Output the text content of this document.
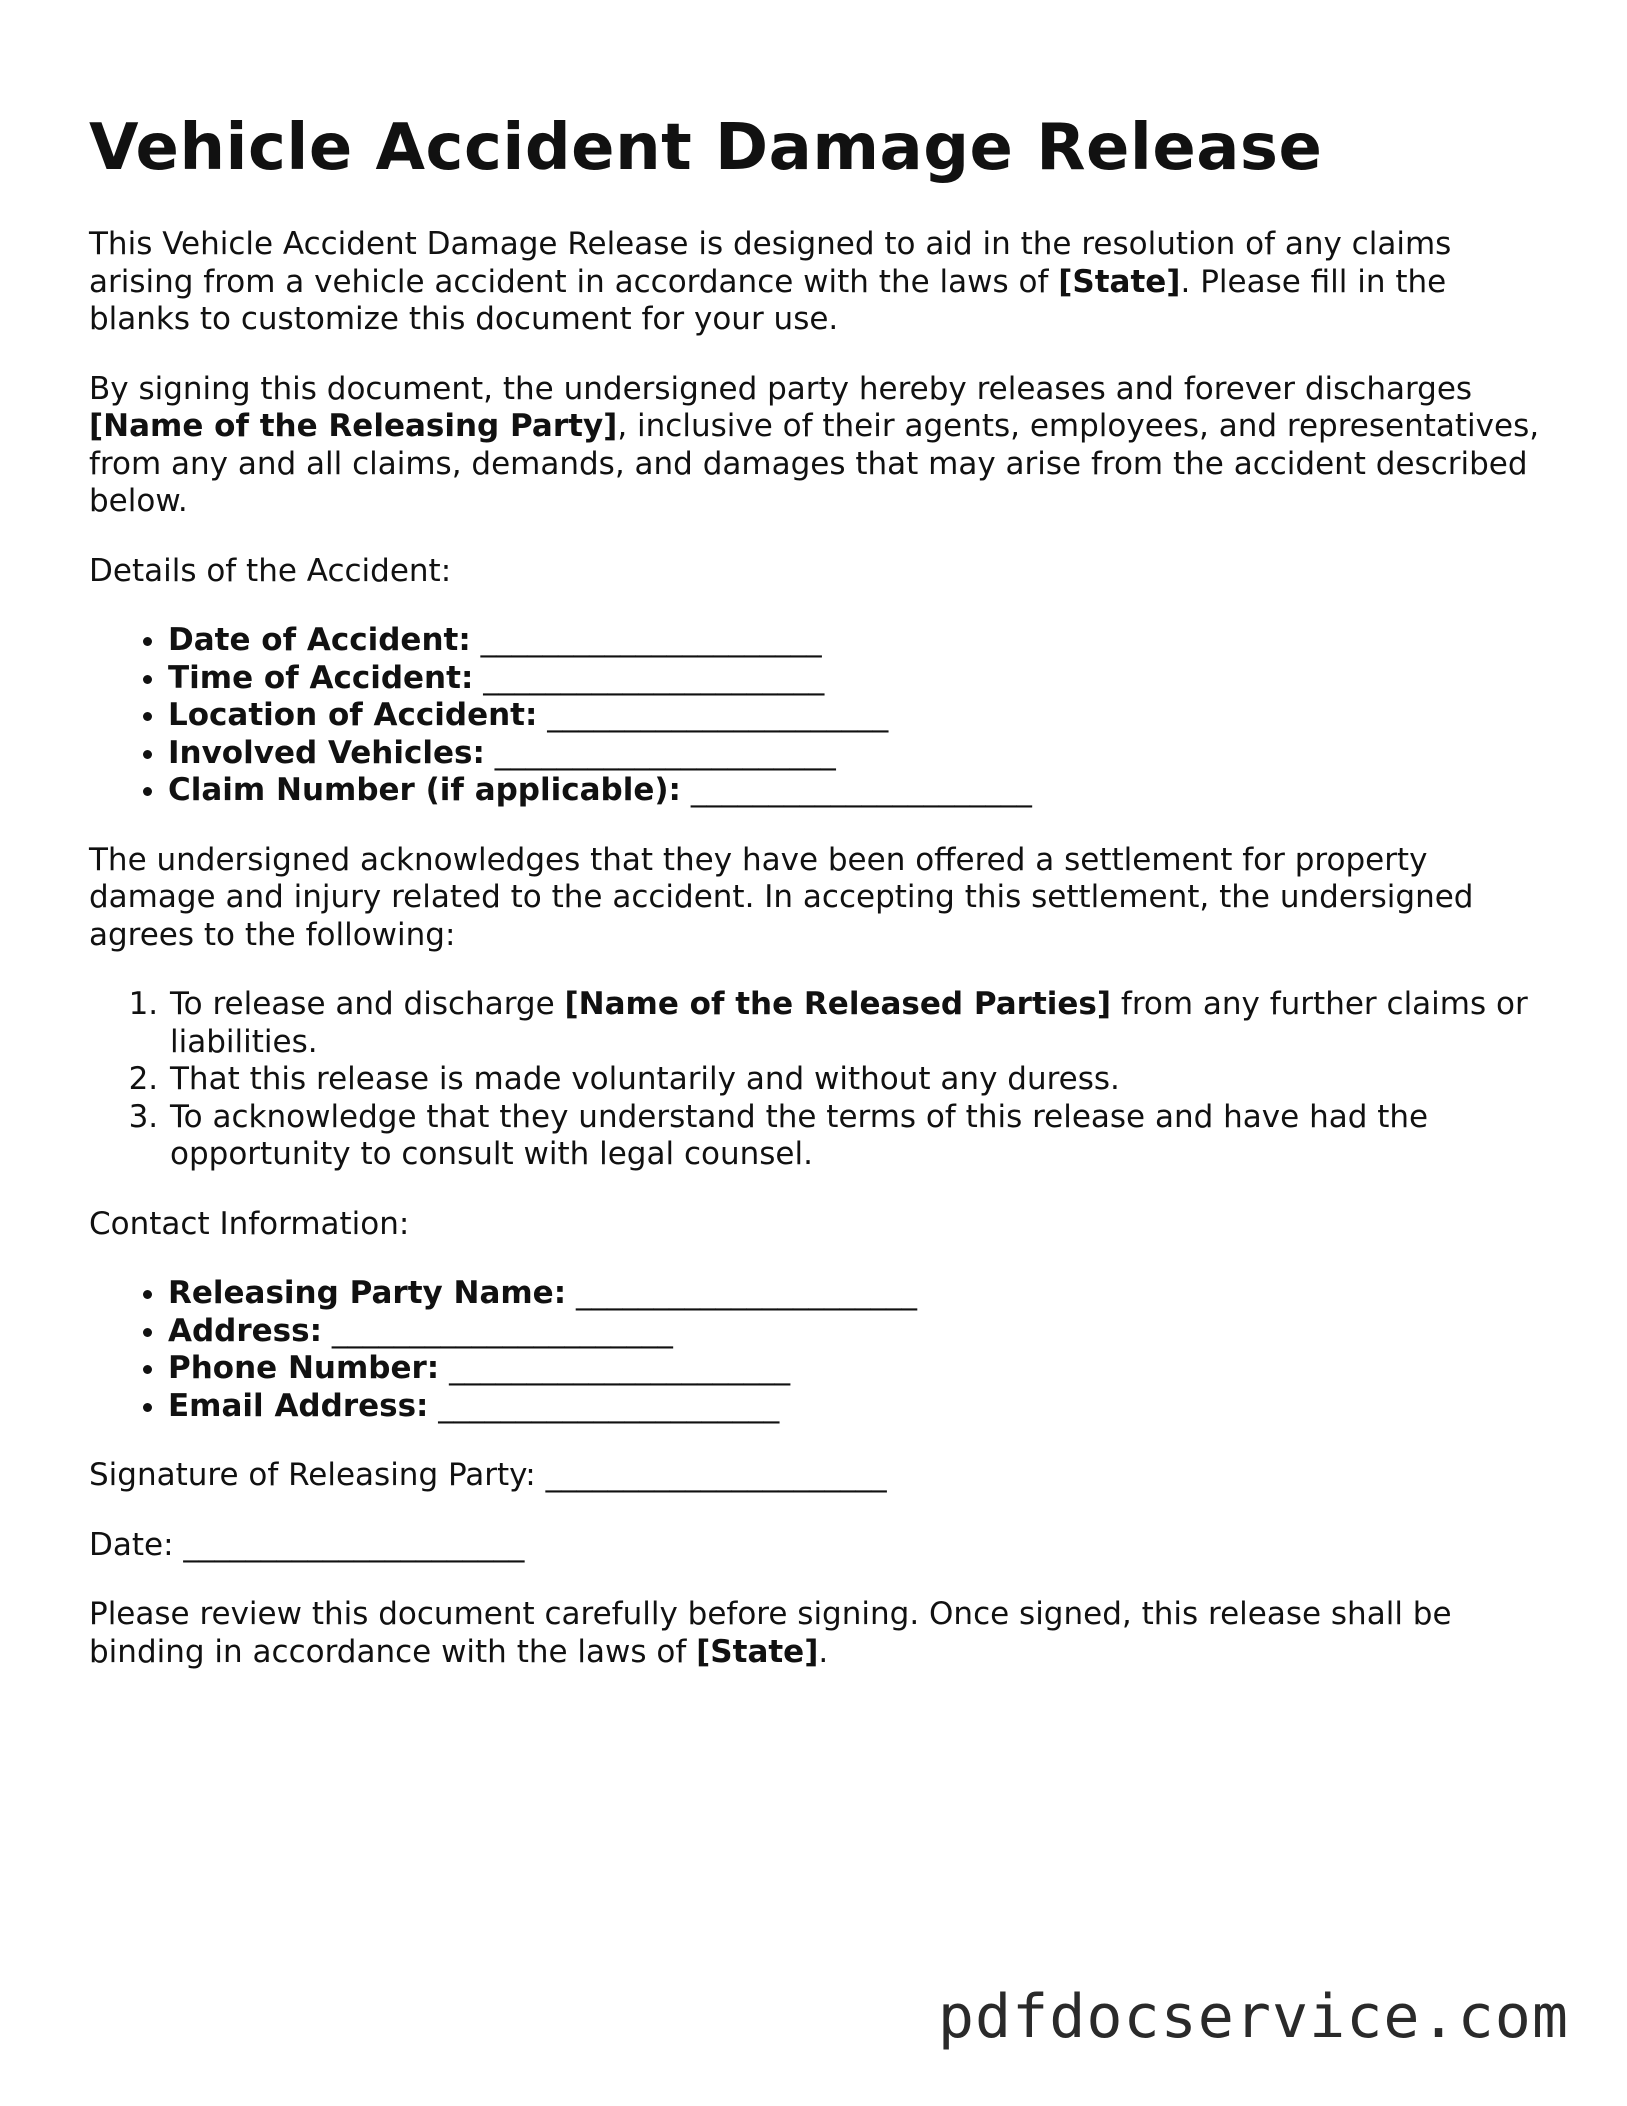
Vehicle Accident Damage Release

This Vehicle Accident Damage Release is designed to aid in the resolution of any claims arising from a vehicle accident in accordance with the laws of [State]. Please fill in the blanks to customize this document for your use.

By signing this document, the undersigned party hereby releases and forever discharges [Name of the Releasing Party], inclusive of their agents, employees, and representatives, from any and all claims, demands, and damages that may arise from the accident described below.

Details of the Accident:

• Date of Accident: ______________________
• Time of Accident: ______________________
• Location of Accident: ______________________
• Involved Vehicles: ______________________
• Claim Number (if applicable): ______________________

The undersigned acknowledges that they have been offered a settlement for property damage and injury related to the accident. In accepting this settlement, the undersigned agrees to the following:

1. To release and discharge [Name of the Released Parties] from any further claims or liabilities.
2. That this release is made voluntarily and without any duress.
3. To acknowledge that they understand the terms of this release and have had the opportunity to consult with legal counsel.

Contact Information:

• Releasing Party Name: ______________________
• Address: ______________________
• Phone Number: ______________________
• Email Address: ______________________

Signature of Releasing Party: ______________________

Date: ______________________

Please review this document carefully before signing. Once signed, this release shall be binding in accordance with the laws of [State].

pdfdocservice.com
